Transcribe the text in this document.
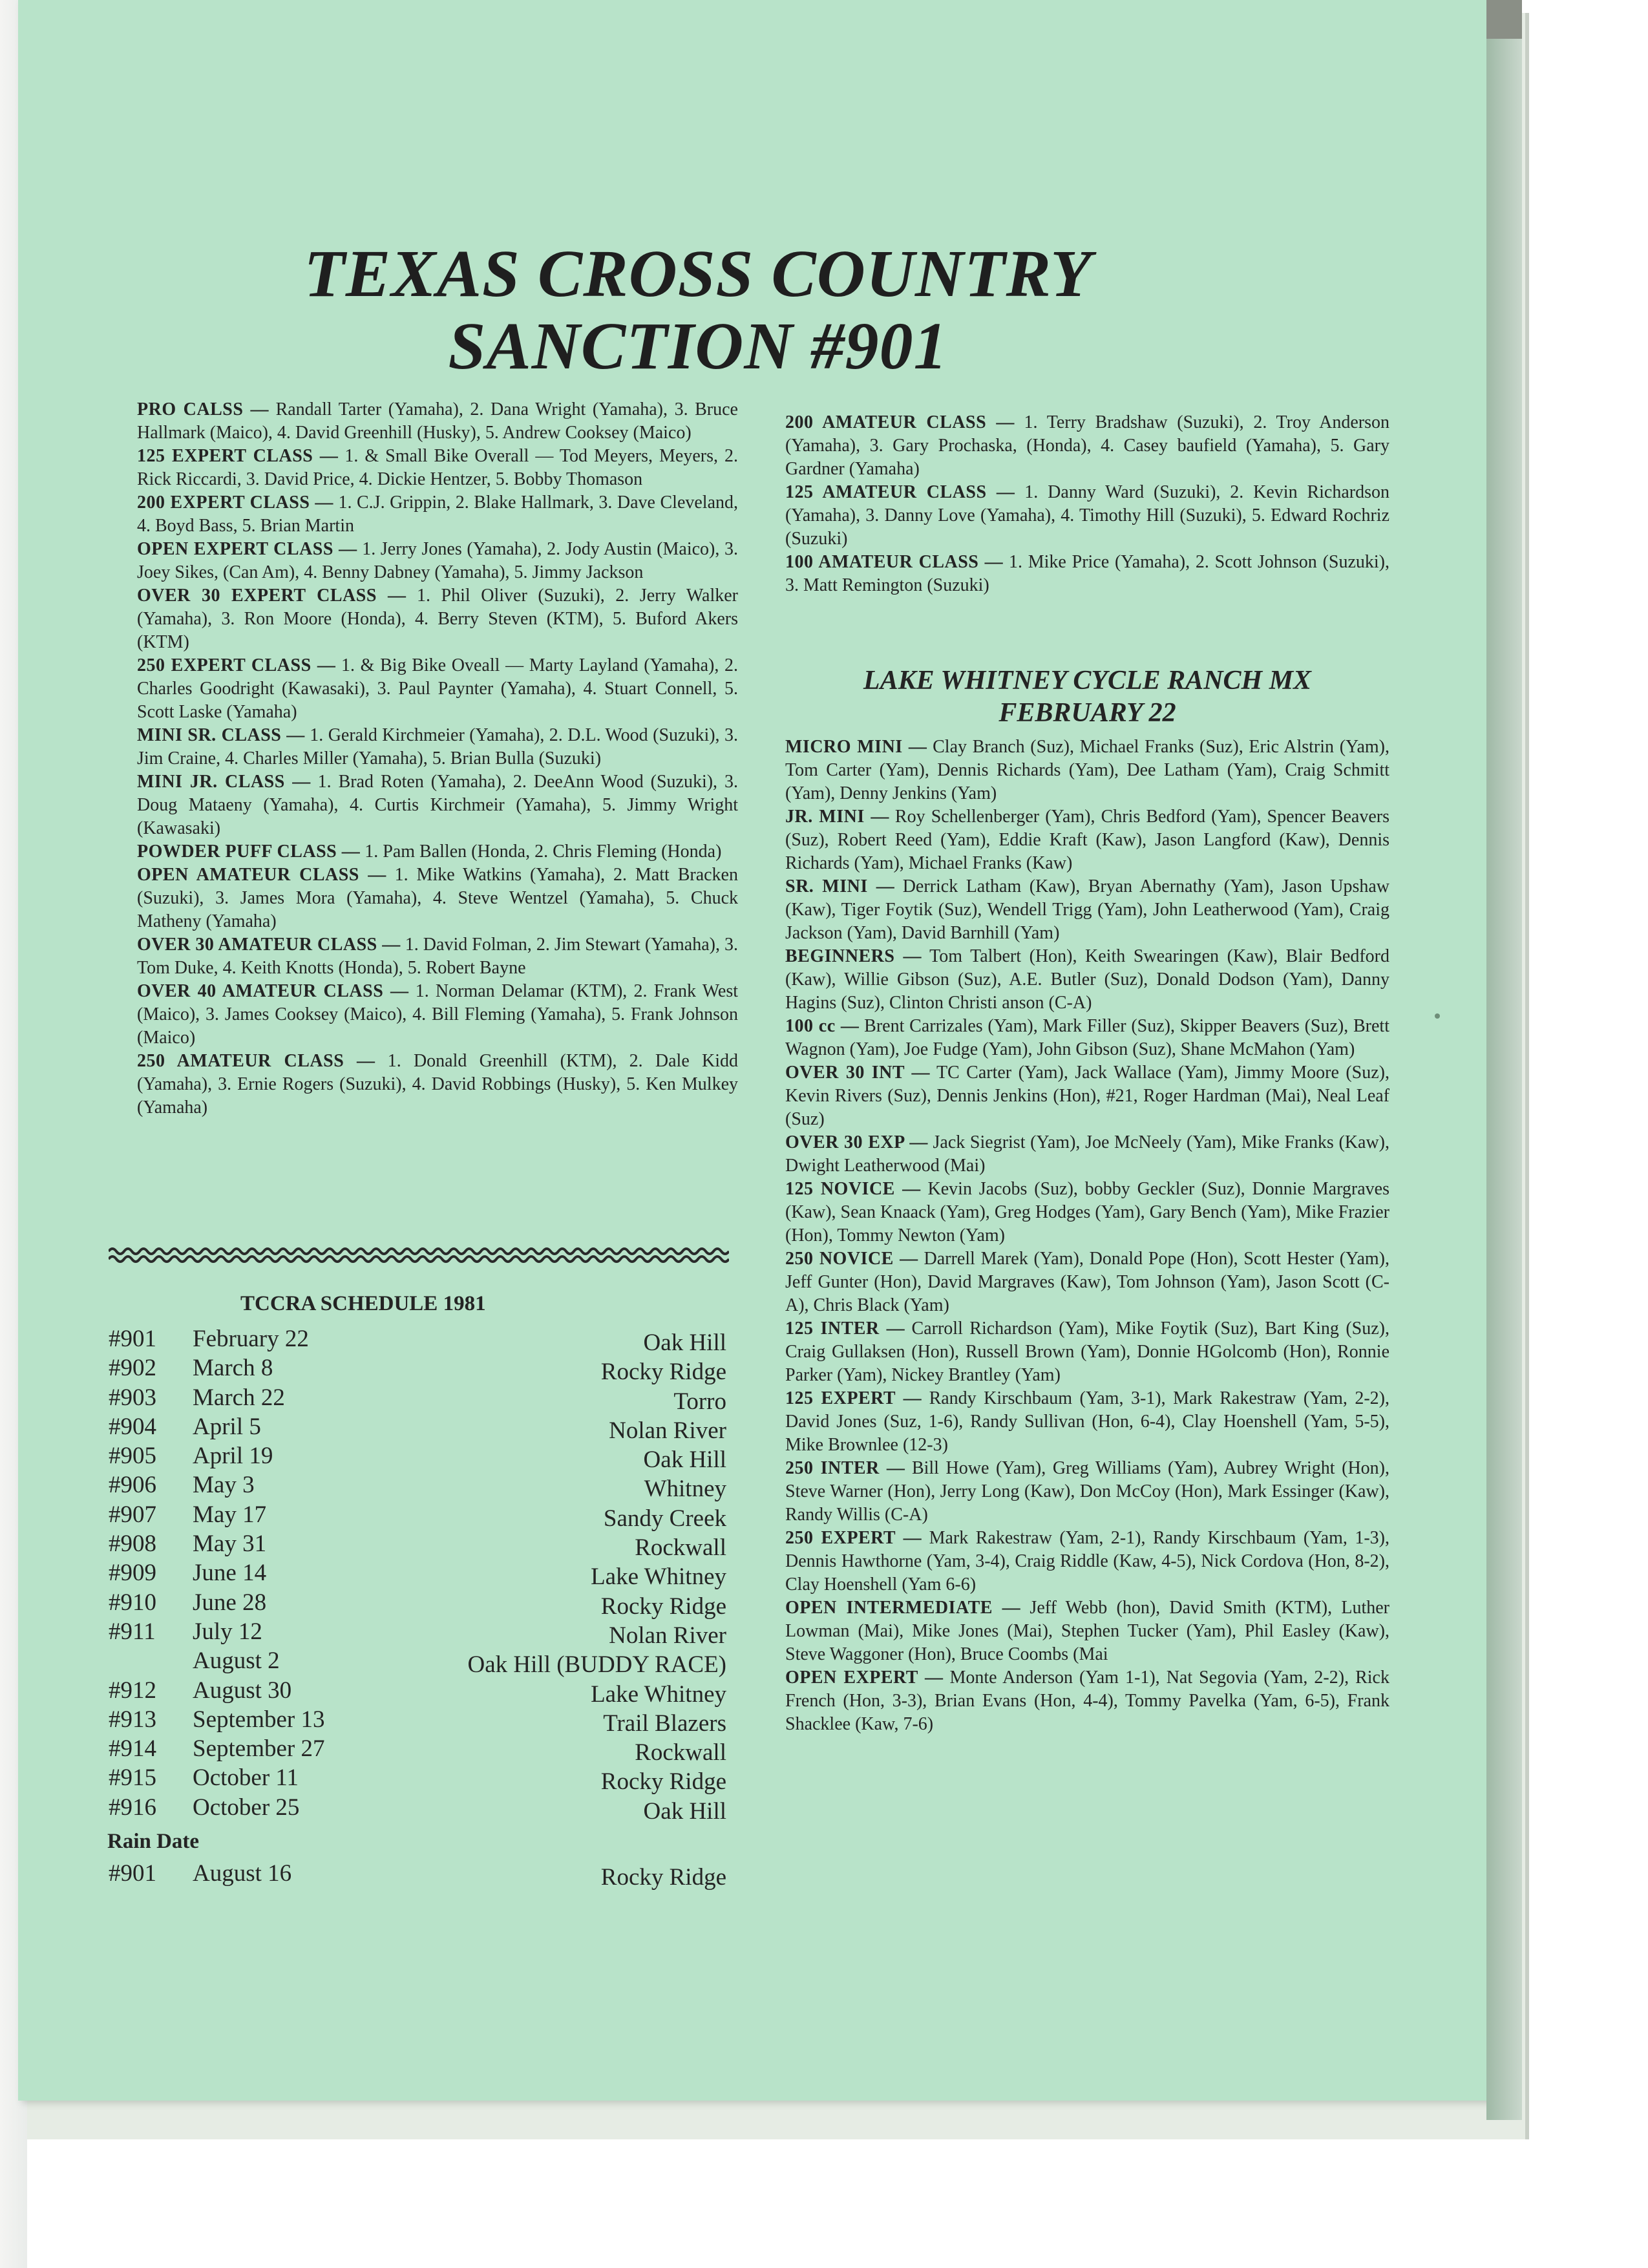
TEXAS CROSS COUNTRY
SANCTION #901

PRO CALSS — Randall Tarter (Yamaha), 2. Dana Wright (Yamaha), 3. Bruce Hallmark (Maico), 4. David Greenhill (Husky), 5. Andrew Cooksey (Maico)

125 EXPERT CLASS — 1. & Small Bike Overall — Tod Meyers, Meyers, 2. Rick Riccardi, 3. David Price, 4. Dickie Hentzer, 5. Bobby Thomason

200 EXPERT CLASS — 1. C.J. Grippin, 2. Blake Hallmark, 3. Dave Cleveland, 4. Boyd Bass, 5. Brian Martin

OPEN EXPERT CLASS — 1. Jerry Jones (Yamaha), 2. Jody Austin (Maico), 3. Joey Sikes, (Can Am), 4. Benny Dabney (Yamaha), 5. Jimmy Jackson

OVER 30 EXPERT CLASS — 1. Phil Oliver (Suzuki), 2. Jerry Walker (Yamaha), 3. Ron Moore (Honda), 4. Berry Steven (KTM), 5. Buford Akers (KTM)

250 EXPERT CLASS — 1. & Big Bike Oveall — Marty Layland (Yamaha), 2. Charles Goodright (Kawasaki), 3. Paul Paynter (Yamaha), 4. Stuart Connell, 5. Scott Laske (Yamaha)

MINI SR. CLASS — 1. Gerald Kirchmeier (Yamaha), 2. D.L. Wood (Suzuki), 3. Jim Craine, 4. Charles Miller (Yamaha), 5. Brian Bulla (Suzuki)

MINI JR. CLASS — 1. Brad Roten (Yamaha), 2. DeeAnn Wood (Suzuki), 3. Doug Mataeny (Yamaha), 4. Curtis Kirchmeir (Yamaha), 5. Jimmy Wright (Kawasaki)

POWDER PUFF CLASS — 1. Pam Ballen (Honda, 2. Chris Fleming (Honda)

OPEN AMATEUR CLASS — 1. Mike Watkins (Yamaha), 2. Matt Bracken (Suzuki), 3. James Mora (Yamaha), 4. Steve Wentzel (Yamaha), 5. Chuck Matheny (Yamaha)

OVER 30 AMATEUR CLASS — 1. David Folman, 2. Jim Stewart (Yamaha), 3. Tom Duke, 4. Keith Knotts (Honda), 5. Robert Bayne

OVER 40 AMATEUR CLASS — 1. Norman Delamar (KTM), 2. Frank West (Maico), 3. James Cooksey (Maico), 4. Bill Fleming (Yamaha), 5. Frank Johnson (Maico)

250 AMATEUR CLASS — 1. Donald Greenhill (KTM), 2. Dale Kidd (Yamaha), 3. Ernie Rogers (Suzuki), 4. David Robbings (Husky), 5. Ken Mulkey (Yamaha)

200 AMATEUR CLASS — 1. Terry Bradshaw (Suzuki), 2. Troy Anderson (Yamaha), 3. Gary Prochaska, (Honda), 4. Casey baufield (Yamaha), 5. Gary Gardner (Yamaha)

125 AMATEUR CLASS — 1. Danny Ward (Suzuki), 2. Kevin Richardson (Yamaha), 3. Danny Love (Yamaha), 4. Timothy Hill (Suzuki), 5. Edward Rochriz (Suzuki)

100 AMATEUR CLASS — 1. Mike Price (Yamaha), 2. Scott Johnson (Suzuki), 3. Matt Remington (Suzuki)

LAKE WHITNEY CYCLE RANCH MX
FEBRUARY 22

MICRO MINI — Clay Branch (Suz), Michael Franks (Suz), Eric Alstrin (Yam), Tom Carter (Yam), Dennis Richards (Yam), Dee Latham (Yam), Craig Schmitt (Yam), Denny Jenkins (Yam)

JR. MINI — Roy Schellenberger (Yam), Chris Bedford (Yam), Spencer Beavers (Suz), Robert Reed (Yam), Eddie Kraft (Kaw), Jason Langford (Kaw), Dennis Richards (Yam), Michael Franks (Kaw)

SR. MINI — Derrick Latham (Kaw), Bryan Abernathy (Yam), Jason Upshaw (Kaw), Tiger Foytik (Suz), Wendell Trigg (Yam), John Leatherwood (Yam), Craig Jackson (Yam), David Barnhill (Yam)

BEGINNERS — Tom Talbert (Hon), Keith Swearingen (Kaw), Blair Bedford (Kaw), Willie Gibson (Suz), A.E. Butler (Suz), Donald Dodson (Yam), Danny Hagins (Suz), Clinton Christi anson (C-A)

100 cc — Brent Carrizales (Yam), Mark Filler (Suz), Skipper Beavers (Suz), Brett Wagnon (Yam), Joe Fudge (Yam), John Gibson (Suz), Shane McMahon (Yam)

OVER 30 INT — TC Carter (Yam), Jack Wallace (Yam), Jimmy Moore (Suz), Kevin Rivers (Suz), Dennis Jenkins (Hon), #21, Roger Hardman (Mai), Neal Leaf (Suz)

OVER 30 EXP — Jack Siegrist (Yam), Joe McNeely (Yam), Mike Franks (Kaw), Dwight Leatherwood (Mai)

125 NOVICE — Kevin Jacobs (Suz), bobby Geckler (Suz), Donnie Margraves (Kaw), Sean Knaack (Yam), Greg Hodges (Yam), Gary Bench (Yam), Mike Frazier (Hon), Tommy Newton (Yam)

250 NOVICE — Darrell Marek (Yam), Donald Pope (Hon), Scott Hester (Yam), Jeff Gunter (Hon), David Margraves (Kaw), Tom Johnson (Yam), Jason Scott (C-A), Chris Black (Yam)

125 INTER — Carroll Richardson (Yam), Mike Foytik (Suz), Bart King (Suz), Craig Gullaksen (Hon), Russell Brown (Yam), Donnie HGolcomb (Hon), Ronnie Parker (Yam), Nickey Brantley (Yam)

125 EXPERT — Randy Kirschbaum (Yam, 3-1), Mark Rakestraw (Yam, 2-2), David Jones (Suz, 1-6), Randy Sullivan (Hon, 6-4), Clay Hoenshell (Yam, 5-5), Mike Brownlee (12-3)

250 INTER — Bill Howe (Yam), Greg Williams (Yam), Aubrey Wright (Hon), Steve Warner (Hon), Jerry Long (Kaw), Don McCoy (Hon), Mark Essinger (Kaw), Randy Willis (C-A)

250 EXPERT — Mark Rakestraw (Yam, 2-1), Randy Kirschbaum (Yam, 1-3), Dennis Hawthorne (Yam, 3-4), Craig Riddle (Kaw, 4-5), Nick Cordova (Hon, 8-2), Clay Hoenshell (Yam 6-6)

OPEN INTERMEDIATE — Jeff Webb (hon), David Smith (KTM), Luther Lowman (Mai), Mike Jones (Mai), Stephen Tucker (Yam), Phil Easley (Kaw), Steve Waggoner (Hon), Bruce Coombs (Mai

OPEN EXPERT — Monte Anderson (Yam 1-1), Nat Segovia (Yam, 2-2), Rick French (Hon, 3-3), Brian Evans (Hon, 4-4), Tommy Pavelka (Yam, 6-5), Frank Shacklee (Kaw, 7-6)

TCCRA SCHEDULE 1981
#901 February 22	Oak Hill
#902 March 8	Rocky Ridge
#903 March 22	Torro
#904 April 5	Nolan River
#905 April 19	Oak Hill
#906 May 3	Whitney
#907 May 17	Sandy Creek
#908 May 31	Rockwall
#909 June 14	Lake Whitney
#910 June 28	Rocky Ridge
#911 July 12	Nolan River
August 2	Oak Hill (BUDDY RACE)
#912 August 30	Lake Whitney
#913 September 13	Trail Blazers
#914 September 27	Rockwall
#915 October 11	Rocky Ridge
#916 October 25	Oak Hill
Rain Date
#901 August 16	Rocky Ridge
